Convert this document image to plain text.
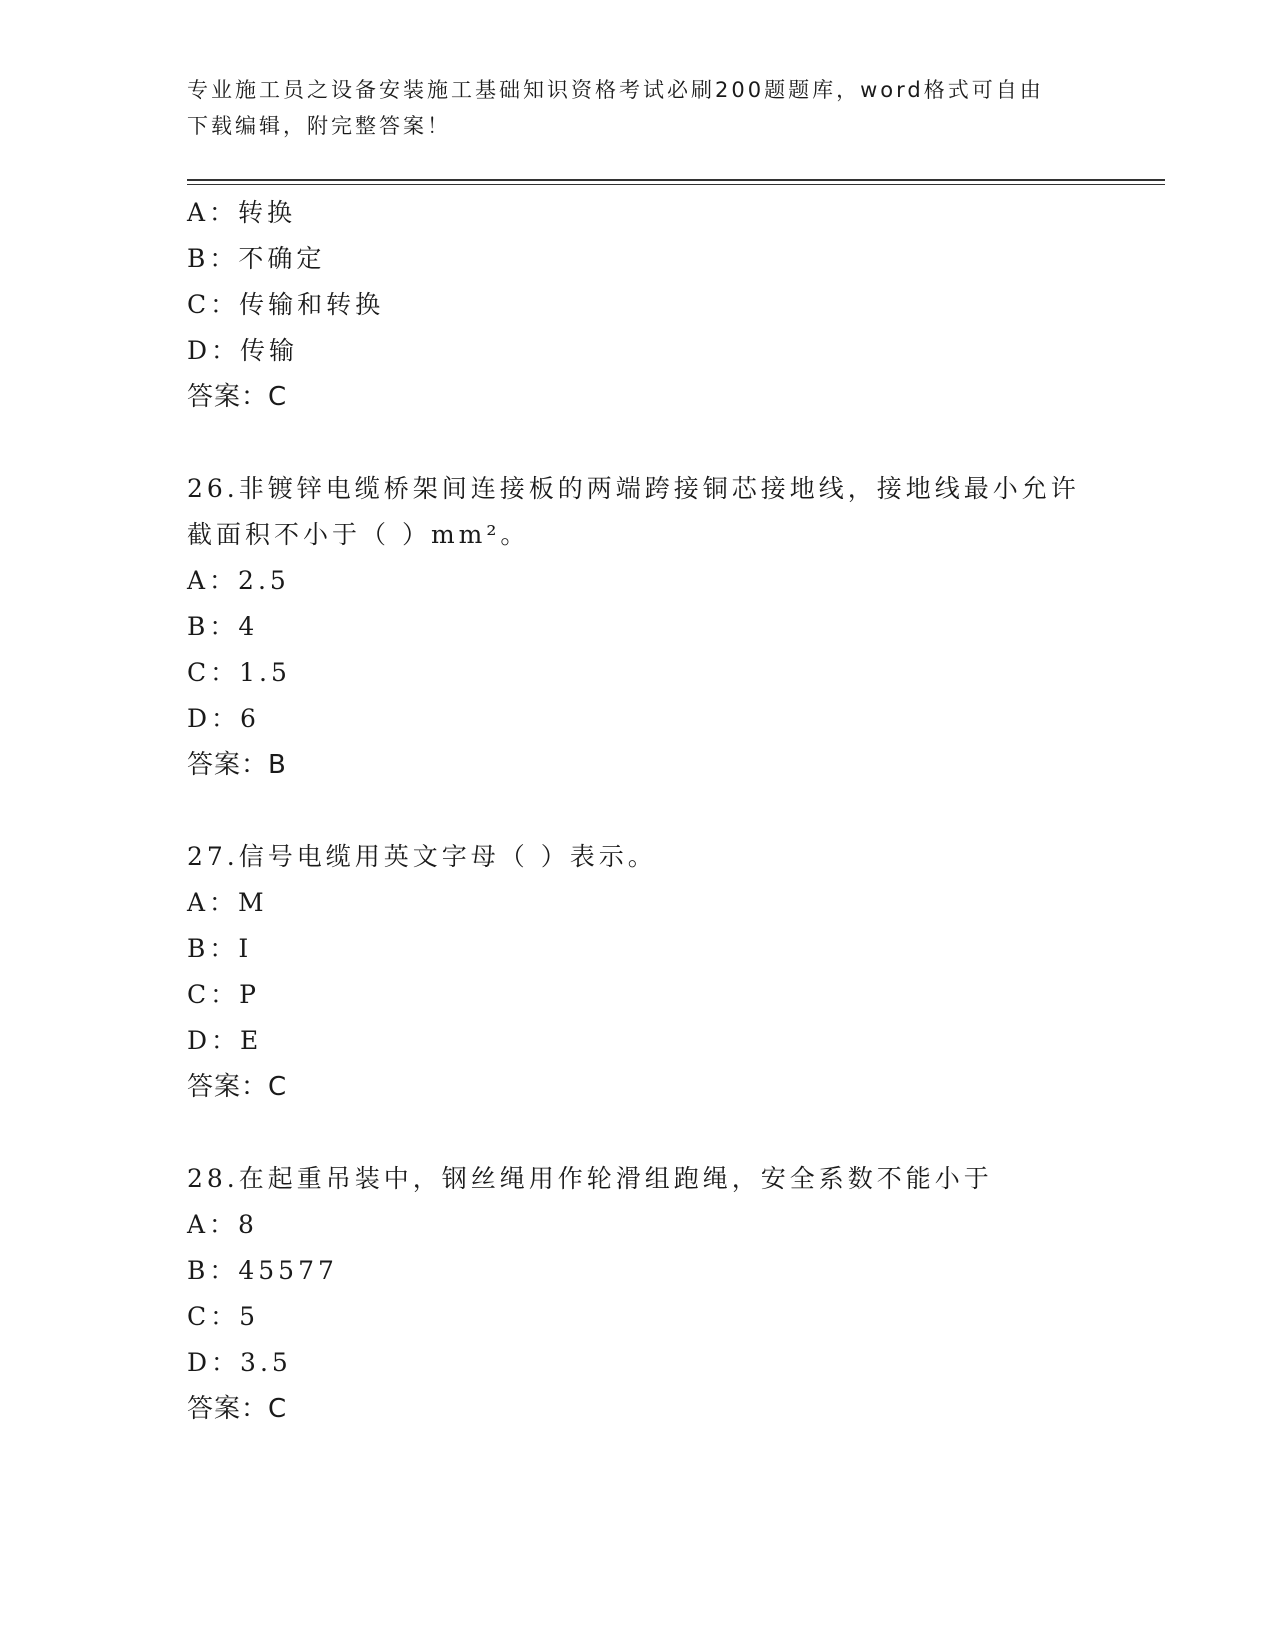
专业施工员之设备安装施工基础知识资格考试必刷200题题库，word格式可自由
下载编辑，附完整答案！
A：转换
B：不确定
C：传输和转换
D：传输
答案：C
26.非镀锌电缆桥架间连接板的两端跨接铜芯接地线，接地线最小允许
截面积不小于（ ）mm²。
A：2.5
B：4
C：1.5
D：6
答案：B
27.信号电缆用英文字母（ ）表示。
A：M
B：I
C：P
D：E
答案：C
28.在起重吊装中，钢丝绳用作轮滑组跑绳，安全系数不能小于
A：8
B：45577
C：5
D：3.5
答案：C
